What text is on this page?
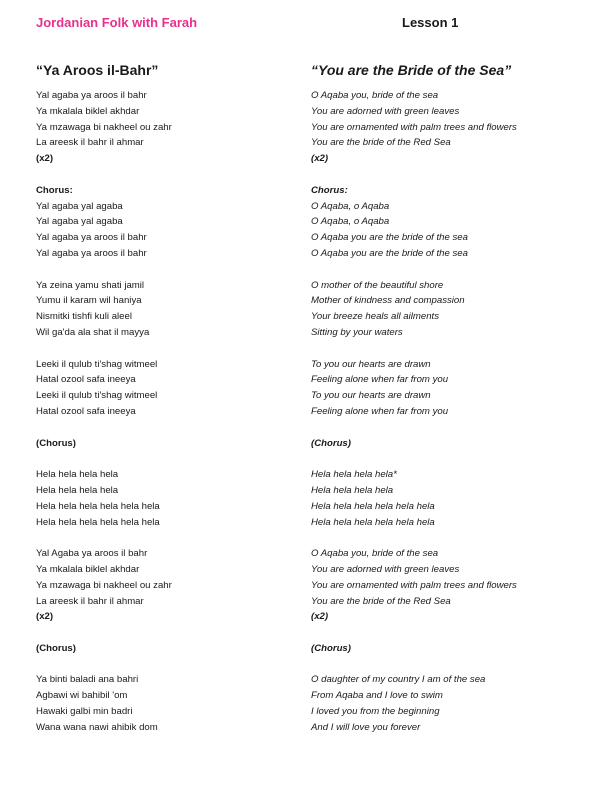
Jordanian Folk with Farah	Lesson 1
“Ya Aroos il-Bahr”
Yal agaba ya aroos il bahr
Ya mkalala biklel akhdar
Ya mzawaga bi nakheel ou zahr
La areesk il bahr il ahmar
(x2)
Chorus:
Yal agaba yal agaba
Yal agaba yal agaba
Yal agaba ya aroos il bahr
Yal agaba ya aroos il bahr
Ya zeina yamu shati jamil
Yumu il karam wil haniya
Nismitki tishfi kuli aleel
Wil ga'da ala shat il mayya
Leeki il qulub ti'shag witmeel
Hatal ozool safa ineeya
Leeki il qulub ti'shag witmeel
Hatal ozool safa ineeya
(Chorus)
Hela hela hela hela
Hela hela hela hela
Hela hela hela hela hela hela
Hela hela hela hela hela hela
Yal Agaba ya aroos il bahr
Ya mkalala biklel akhdar
Ya mzawaga bi nakheel ou zahr
La areesk il bahr il ahmar
(x2)
(Chorus)
Ya binti baladi ana bahri
Agbawi wi bahibil 'om
Hawaki galbi min badri
Wana wana nawi ahibik dom
“You are the Bride of the Sea”
O Aqaba you, bride of the sea
You are adorned with green leaves
You are ornamented with palm trees and flowers
You are the bride of the Red Sea
(x2)
Chorus:
O Aqaba, o Aqaba
O Aqaba, o Aqaba
O Aqaba you are the bride of the sea
O Aqaba you are the bride of the sea
O mother of the beautiful shore
Mother of kindness and compassion
Your breeze heals all ailments
Sitting by your waters
To you our hearts are drawn
Feeling alone when far from you
To you our hearts are drawn
Feeling alone when far from you
(Chorus)
Hela hela hela hela*
Hela hela hela hela
Hela hela hela hela hela hela
Hela hela hela hela hela hela
O Aqaba you, bride of the sea
You are adorned with green leaves
You are ornamented with palm trees and flowers
You are the bride of the Red Sea
(x2)
(Chorus)
O daughter of my country I am of the sea
From Aqaba and I love to swim
I loved you from the beginning
And I will love you forever
